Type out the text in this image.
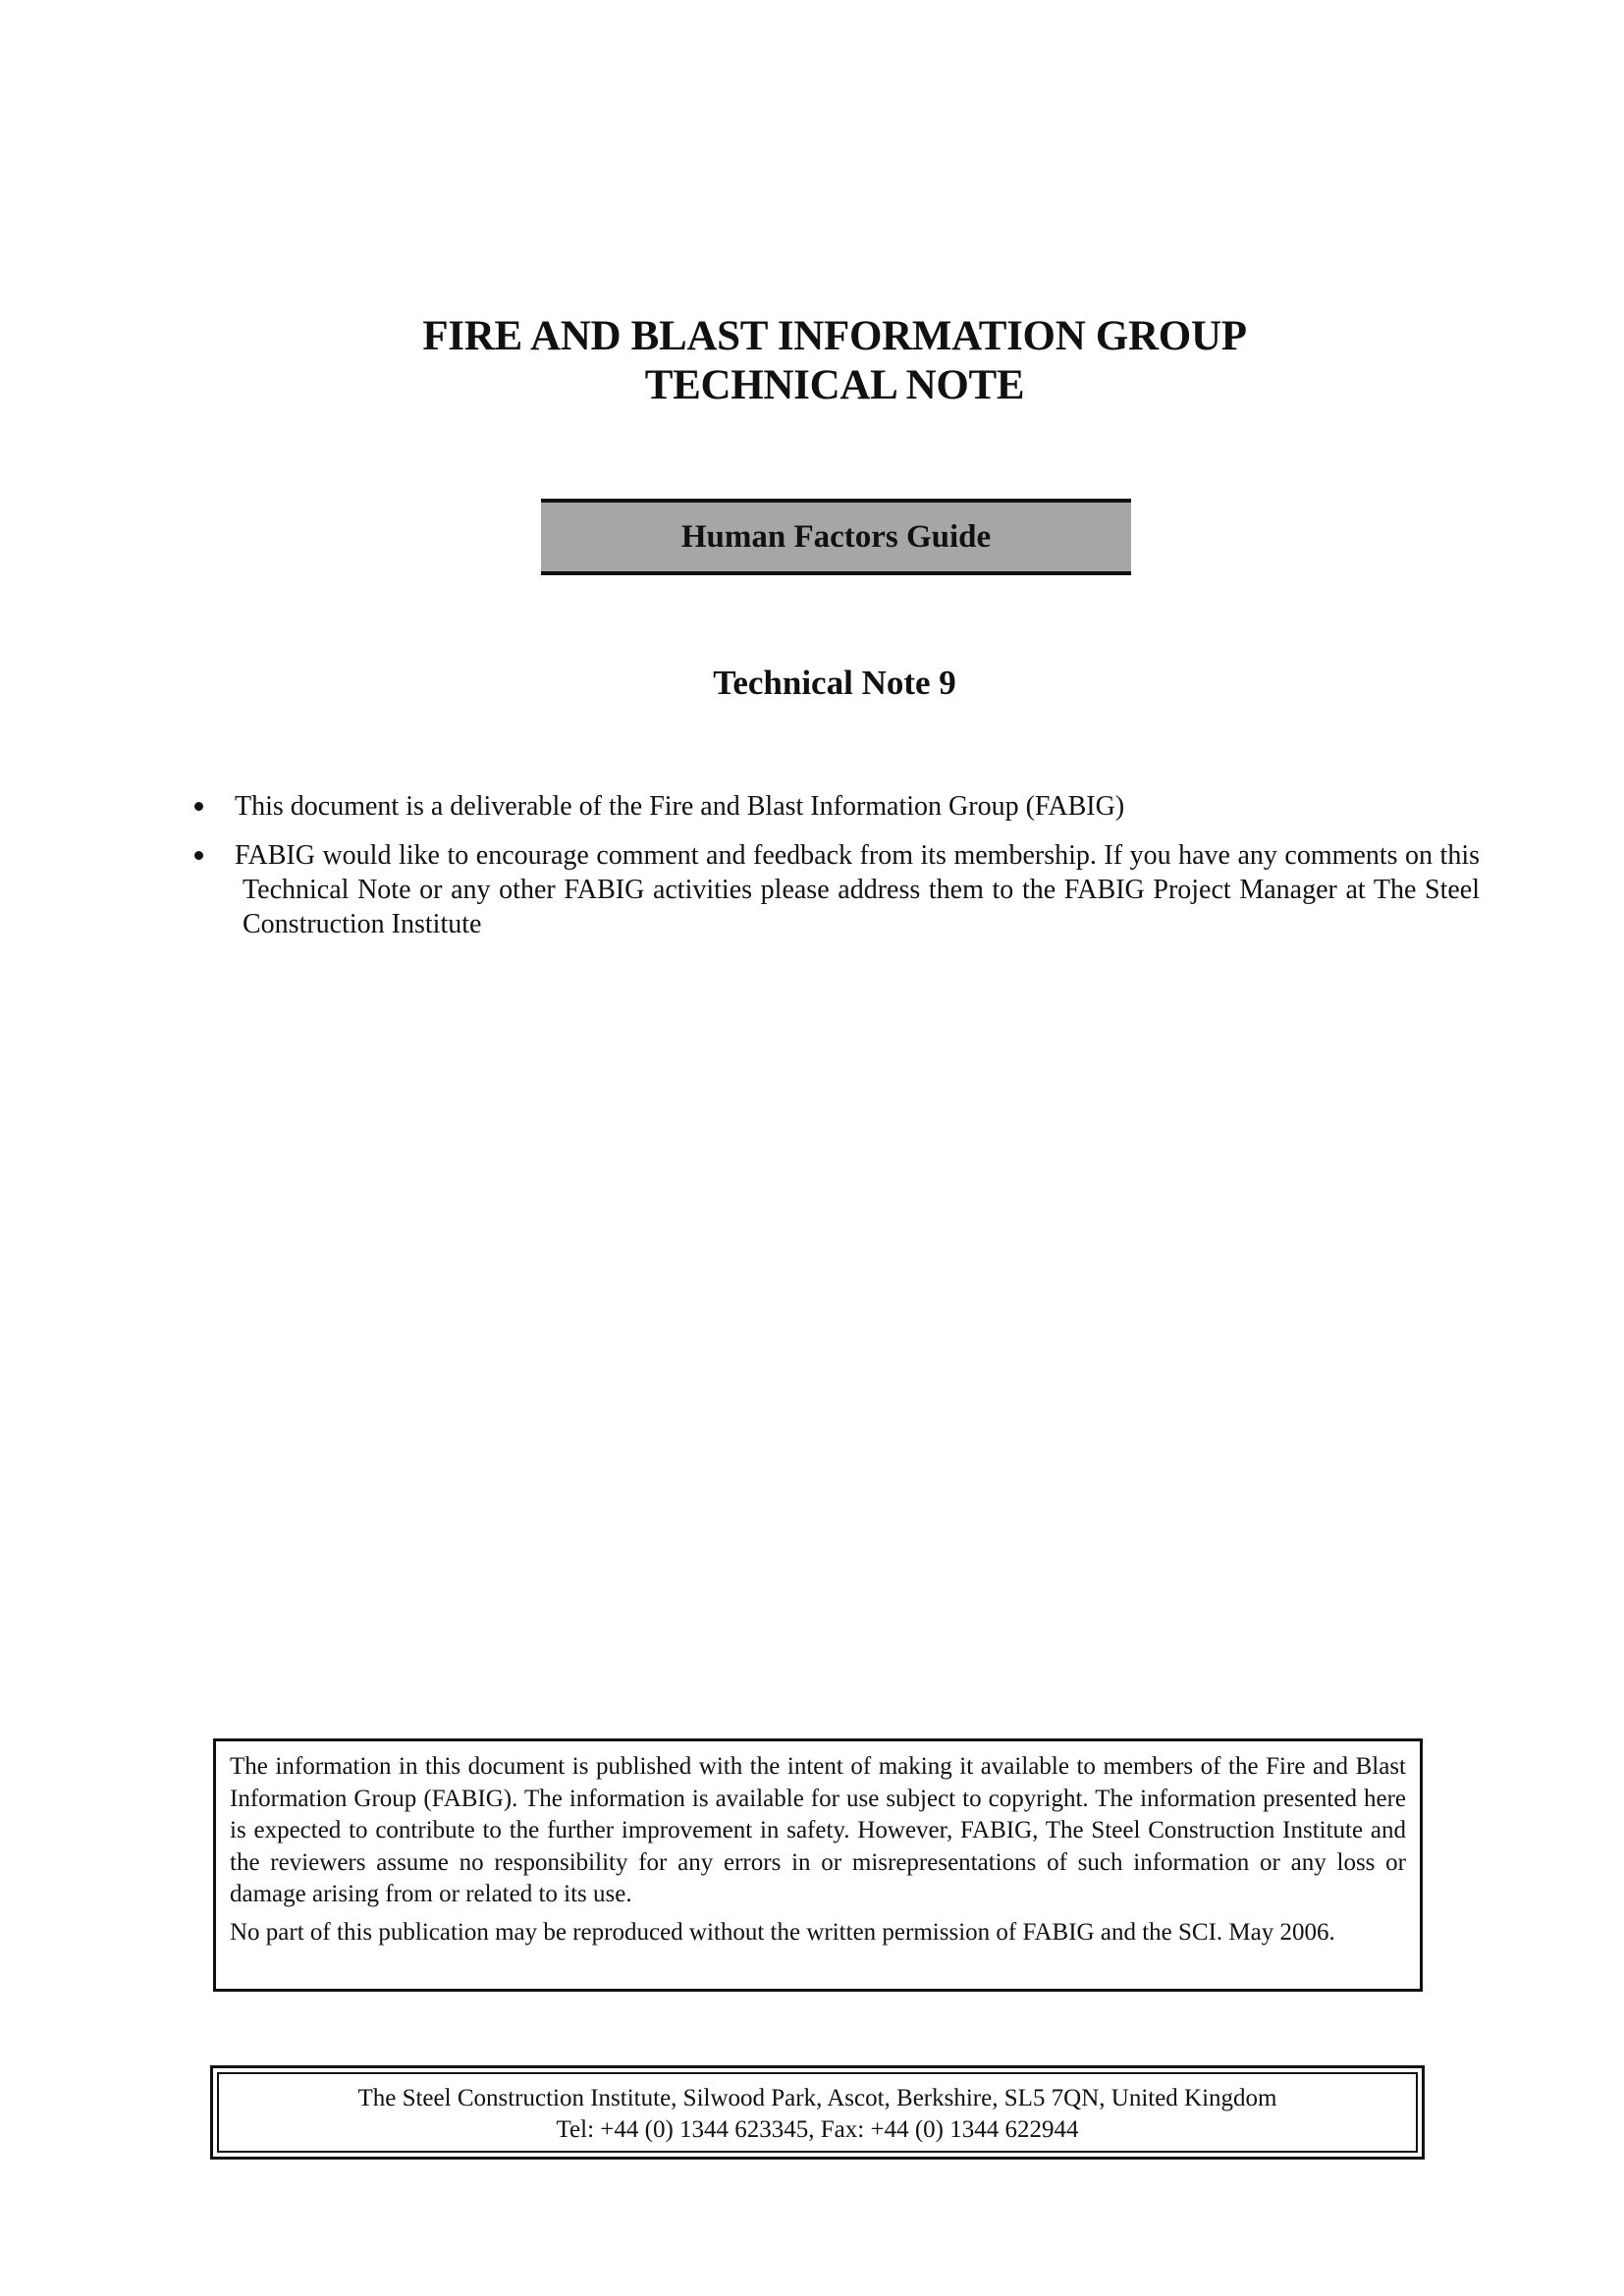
FIRE AND BLAST INFORMATION GROUP
TECHNICAL NOTE
Human Factors Guide
Technical Note 9
This document is a deliverable of the Fire and Blast Information Group (FABIG)
FABIG would like to encourage comment and feedback from its membership. If you have any comments on this Technical Note or any other FABIG activities please address them to the FABIG Project Manager at The Steel Construction Institute

The information in this document is published with the intent of making it available to members of the Fire and Blast Information Group (FABIG). The information is available for use subject to copyright. The information presented here is expected to contribute to the further improvement in safety. However, FABIG, The Steel Construction Institute and the reviewers assume no responsibility for any errors in or misrepresentations of such information or any loss or damage arising from or related to its use.

No part of this publication may be reproduced without the written permission of FABIG and the SCI. May 2006.

The Steel Construction Institute, Silwood Park, Ascot, Berkshire, SL5 7QN, United Kingdom
Tel: +44 (0) 1344 623345, Fax: +44 (0) 1344 622944
